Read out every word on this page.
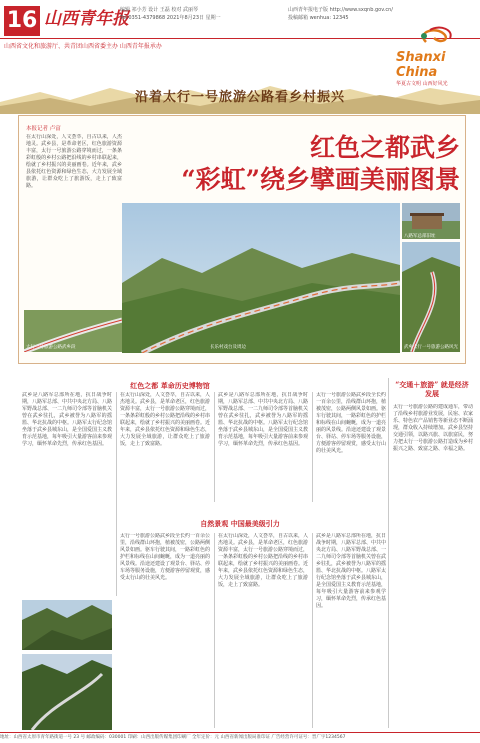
16 山西青年报
编辑 祁小芳 设计 王磊 校对 武丽琴
Tel:0351-4379868 2021年8月23日 星期一
山西青年报电子版 http://www.sxqnb.gov.cn/
投稿邮箱 wenhua: 12345
山西省文化和旅游厅、共青团山西省委主办 山西青年报承办
Shanxi China
华夏古文明 山西好风光
沿着太行一号旅游公路看乡村振兴
本报记者 卢富
在太行山深处，人文荟萃，自古以来，人杰地灵。武乡县，是革命老区，红色旅游资源丰富，太行一号旅游公路穿境而过，一条条彩虹般的乡村公路把沿线的乡村串联起来，绘就了乡村振兴的美丽画卷。近年来，武乡县依托红色资源和绿色生态，大力发展全域旅游，让群众吃上了旅游饭，走上了致富路。
红色之都武乡
“彩虹”绕乡擘画美丽图景
八路军总部旧址
太行一号旅游公路武乡段	长乐村戏台及周边	武乡太行一号旅游公路风光
红色之都 革命历史博物馆
武乡是八路军总部所在地，抗日战争时期，八路军总部、中共中央北方局、八路军野战总部、一二九师司令部等首脑机关曾在武乡驻扎，武乡被誉为八路军的摇篮、华北抗战的中枢。八路军太行纪念馆坐落于武乡县城东山，是全国爱国主义教育示范基地，每年吸引大量游客前来参观学习，缅怀革命先烈，传承红色基因。
在太行山深处，人文荟萃，自古以来，人杰地灵。武乡县，是革命老区，红色旅游资源丰富，太行一号旅游公路穿境而过，一条条彩虹般的乡村公路把沿线的乡村串联起来，绘就了乡村振兴的美丽画卷。近年来，武乡县依托红色资源和绿色生态，大力发展全域旅游，让群众吃上了旅游饭，走上了致富路。
武乡是八路军总部所在地，抗日战争时期，八路军总部、中共中央北方局、八路军野战总部、一二九师司令部等首脑机关曾在武乡驻扎，武乡被誉为八路军的摇篮、华北抗战的中枢。八路军太行纪念馆坐落于武乡县城东山，是全国爱国主义教育示范基地，每年吸引大量游客前来参观学习，缅怀革命先烈，传承红色基因。
太行一号旅游公路武乡段全长约一百余公里，沿线群山环抱，植被茂密，公路两侧风景如画。驱车行驶其间，一路彩虹色的护栏和标线在山间蜿蜒，成为一道亮丽的风景线。沿途还建设了观景台、驿站、停车场等服务设施，方便游客停留观赏，感受太行山的壮美风光。
自然景观 中国最美级引力
太行一号旅游公路武乡段全长约一百余公里，沿线群山环抱，植被茂密，公路两侧风景如画。驱车行驶其间，一路彩虹色的护栏和标线在山间蜿蜒，成为一道亮丽的风景线。沿途还建设了观景台、驿站、停车场等服务设施，方便游客停留观赏，感受太行山的壮美风光。
在太行山深处，人文荟萃，自古以来，人杰地灵。武乡县，是革命老区，红色旅游资源丰富，太行一号旅游公路穿境而过，一条条彩虹般的乡村公路把沿线的乡村串联起来，绘就了乡村振兴的美丽画卷。近年来，武乡县依托红色资源和绿色生态，大力发展全域旅游，让群众吃上了旅游饭，走上了致富路。
武乡是八路军总部所在地，抗日战争时期，八路军总部、中共中央北方局、八路军野战总部、一二九师司令部等首脑机关曾在武乡驻扎，武乡被誉为八路军的摇篮、华北抗战的中枢。八路军太行纪念馆坐落于武乡县城东山，是全国爱国主义教育示范基地，每年吸引大量游客前来参观学习，缅怀革命先烈，传承红色基因。
“交通＋旅游” 就是经济发展
太行一号旅游公路的建成通车，带动了沿线乡村旅游业发展，民宿、农家乐、特色农产品销售等新业态不断涌现，群众收入持续增加。武乡县坚持交通引领，以路兴旅、以旅富民，努力把太行一号旅游公路打造成为乡村振兴之路、致富之路、幸福之路。
地址：山西省太原市青年路街道一号 23 号 邮政编码：030001 印刷：山西出版传媒集团印刷厂 全年定价：元 山西省新闻出版局准印证 广告经营许可证号：晋广字1234567
